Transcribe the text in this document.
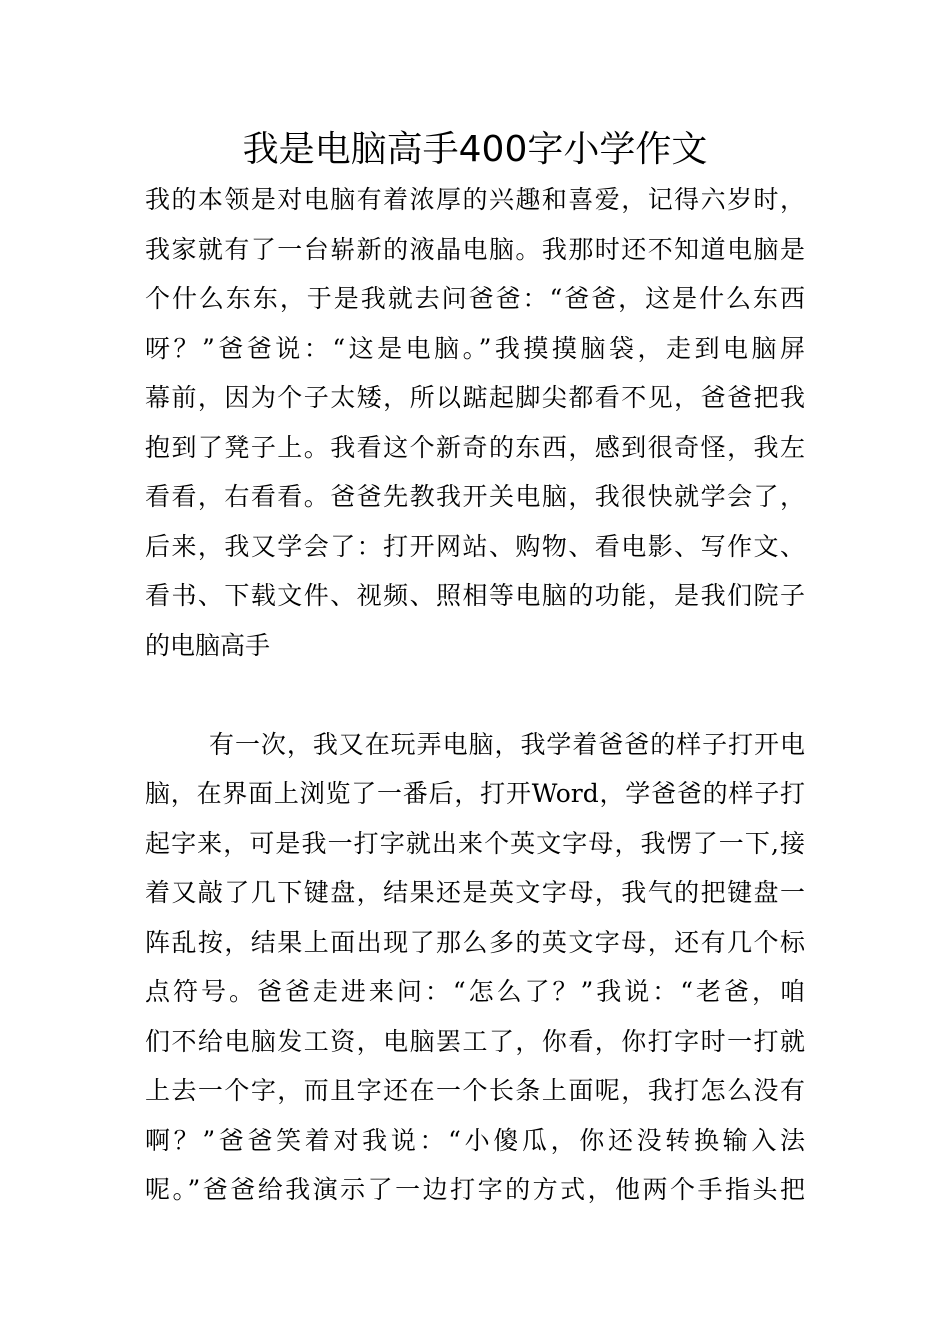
我是电脑高手400字小学作文
我的本领是对电脑有着浓厚的兴趣和喜爱，记得六岁时，
我家就有了一台崭新的液晶电脑。我那时还不知道电脑是
个什么东东，于是我就去问爸爸：“爸爸，这是什么东西
呀？”爸爸说：“这是电脑。”我摸摸脑袋，走到电脑屏
幕前，因为个子太矮，所以踮起脚尖都看不见，爸爸把我
抱到了凳子上。我看这个新奇的东西，感到很奇怪，我左
看看，右看看。爸爸先教我开关电脑，我很快就学会了，
后来，我又学会了：打开网站、购物、看电影、写作文、
看书、下载文件、视频、照相等电脑的功能，是我们院子
的电脑高手
有一次，我又在玩弄电脑，我学着爸爸的样子打开电
脑，在界面上浏览了一番后，打开Word，学爸爸的样子打
起字来，可是我一打字就出来个英文字母，我愣了一下,接
着又敲了几下键盘，结果还是英文字母，我气的把键盘一
阵乱按，结果上面出现了那么多的英文字母，还有几个标
点符号。爸爸走进来问：“怎么了？”我说：“老爸，咱
们不给电脑发工资，电脑罢工了，你看，你打字时一打就
上去一个字，而且字还在一个长条上面呢，我打怎么没有
啊？”爸爸笑着对我说：“小傻瓜，你还没转换输入法
呢。”爸爸给我演示了一边打字的方式，他两个手指头把
